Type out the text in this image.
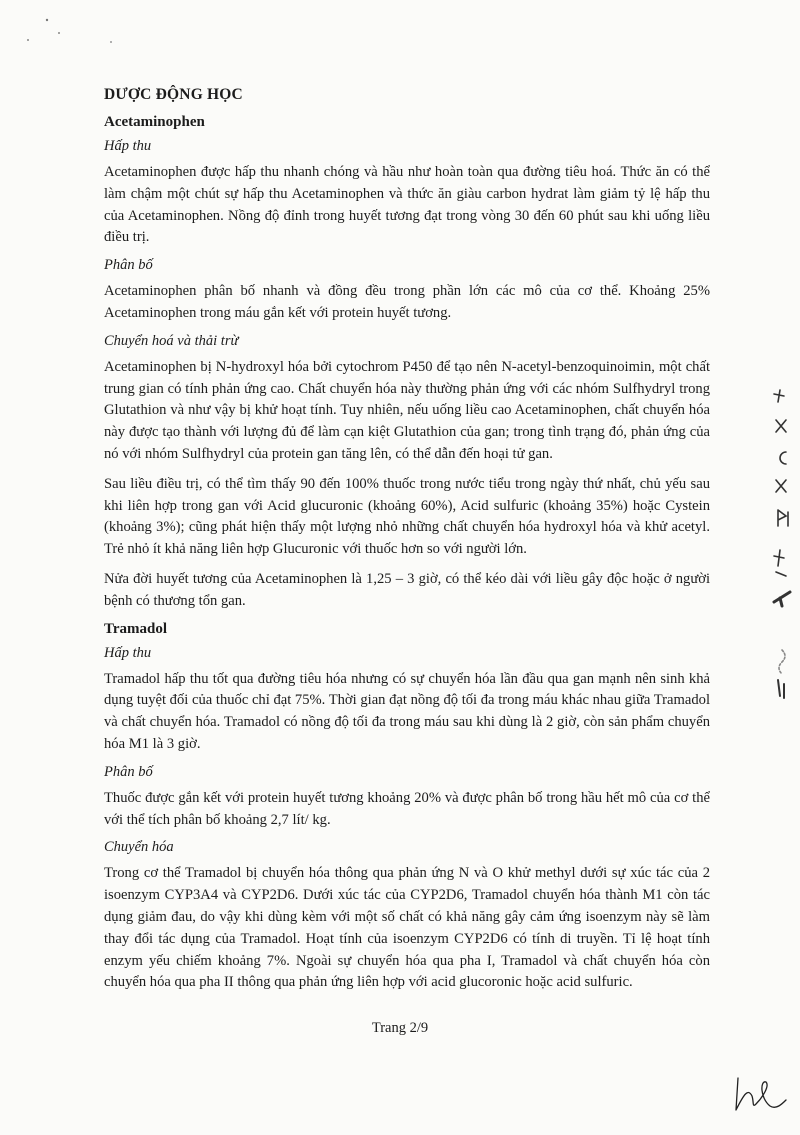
DƯỢC ĐỘNG HỌC
Acetaminophen
Hấp thu

Acetaminophen được hấp thu nhanh chóng và hầu như hoàn toàn qua đường tiêu hoá. Thức ăn có thể làm chậm một chút sự hấp thu Acetaminophen và thức ăn giàu carbon hydrat làm giảm tỷ lệ hấp thu của Acetaminophen. Nồng độ đỉnh trong huyết tương đạt trong vòng 30 đến 60 phút sau khi uống liều điều trị.

Phân bố

Acetaminophen phân bố nhanh và đồng đều trong phần lớn các mô của cơ thể. Khoảng 25% Acetaminophen trong máu gắn kết với protein huyết tương.

Chuyển hoá và thải trừ

Acetaminophen bị N-hydroxyl hóa bởi cytochrom P450 để tạo nên N-acetyl-benzoquinoimin, một chất trung gian có tính phản ứng cao. Chất chuyển hóa này thường phản ứng với các nhóm Sulfhydryl trong Glutathion và như vậy bị khử hoạt tính. Tuy nhiên, nếu uống liều cao Acetaminophen, chất chuyển hóa này được tạo thành với lượng đủ để làm cạn kiệt Glutathion của gan; trong tình trạng đó, phản ứng của nó với nhóm Sulfhydryl của protein gan tăng lên, có thể dẫn đến hoại tử gan.

Sau liều điều trị, có thể tìm thấy 90 đến 100% thuốc trong nước tiểu trong ngày thứ nhất, chủ yếu sau khi liên hợp trong gan với Acid glucuronic (khoảng 60%), Acid sulfuric (khoảng 35%) hoặc Cystein (khoảng 3%); cũng phát hiện thấy một lượng nhỏ những chất chuyển hóa hydroxyl hóa và khử acetyl. Trẻ nhỏ ít khả năng liên hợp Glucuronic với thuốc hơn so với người lớn.

Nửa đời huyết tương của Acetaminophen là 1,25 – 3 giờ, có thể kéo dài với liều gây độc hoặc ở người bệnh có thương tổn gan.

Tramadol
Hấp thu

Tramadol hấp thu tốt qua đường tiêu hóa nhưng có sự chuyển hóa lần đầu qua gan mạnh nên sinh khả dụng tuyệt đối của thuốc chỉ đạt 75%. Thời gian đạt nồng độ tối đa trong máu khác nhau giữa Tramadol và chất chuyển hóa. Tramadol có nồng độ tối đa trong máu sau khi dùng là 2 giờ, còn sản phẩm chuyển hóa M1 là 3 giờ.

Phân bố

Thuốc được gắn kết với protein huyết tương khoảng 20% và được phân bố trong hầu hết mô của cơ thể với thể tích phân bố khoảng 2,7 lít/ kg.

Chuyển hóa

Trong cơ thể Tramadol bị chuyển hóa thông qua phản ứng N và O khử methyl dưới sự xúc tác của 2 isoenzym CYP3A4 và CYP2D6. Dưới xúc tác của CYP2D6, Tramadol chuyển hóa thành M1 còn tác dụng giảm đau, do vậy khi dùng kèm với một số chất có khả năng gây cảm ứng isoenzym này sẽ làm thay đổi tác dụng của Tramadol. Hoạt tính của isoenzym CYP2D6 có tính di truyền. Tỉ lệ hoạt tính enzym yếu chiếm khoảng 7%. Ngoài sự chuyển hóa qua pha I, Tramadol và chất chuyển hóa còn chuyển hóa qua pha II thông qua phản ứng liên hợp với acid glucoronic hoặc acid sulfuric.

Trang 2/9
